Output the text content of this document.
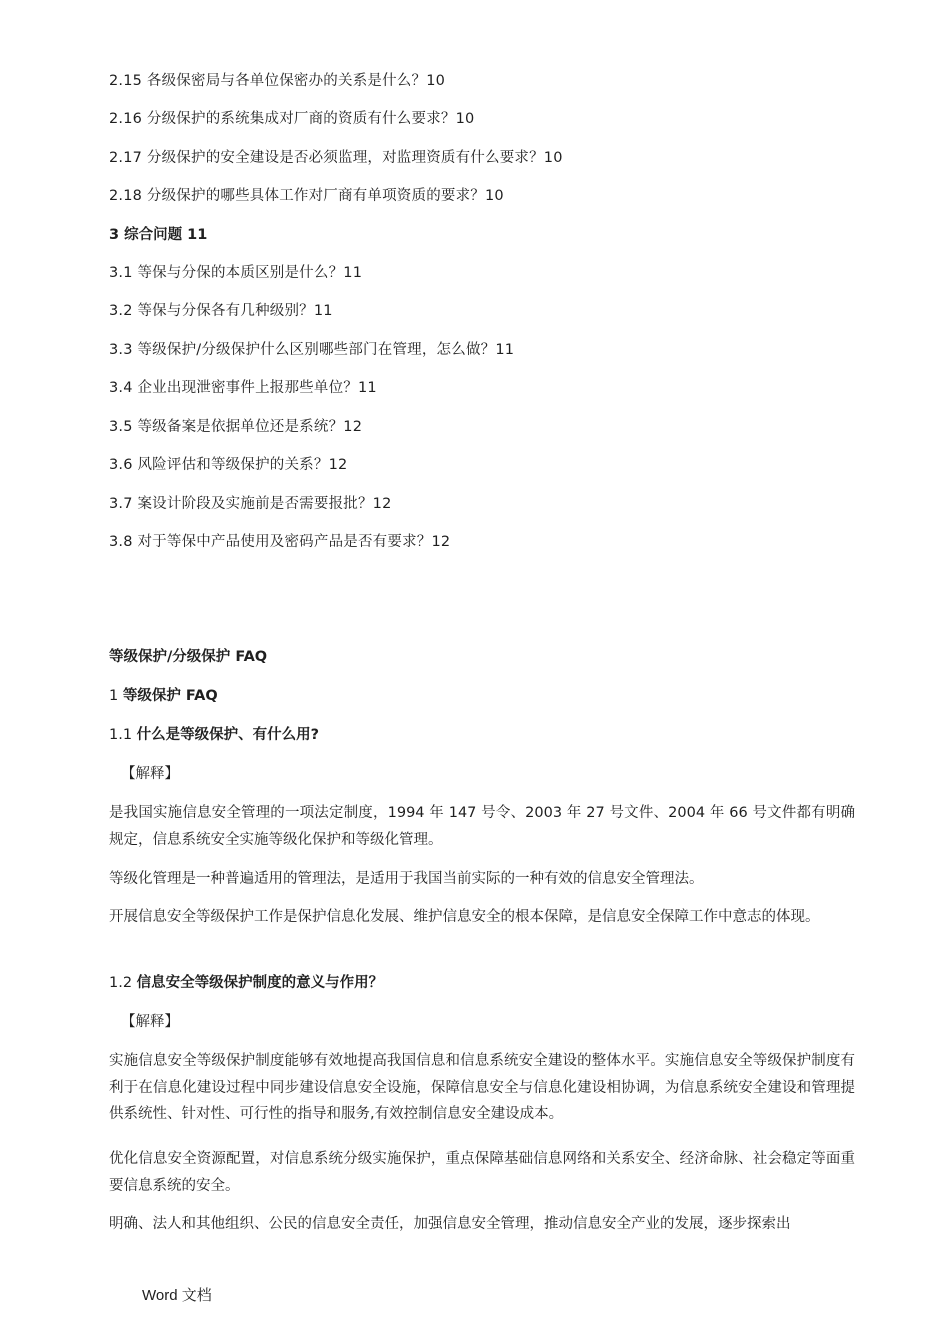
2.15 各级保密局与各单位保密办的关系是什么？10
2.16 分级保护的系统集成对厂商的资质有什么要求？10
2.17 分级保护的安全建设是否必须监理，对监理资质有什么要求？10
2.18 分级保护的哪些具体工作对厂商有单项资质的要求？10
3 综合问题 11
3.1 等保与分保的本质区别是什么？11
3.2 等保与分保各有几种级别？11
3.3 等级保护/分级保护什么区别哪些部门在管理，怎么做？11
3.4 企业出现泄密事件上报那些单位？11
3.5 等级备案是依据单位还是系统？12
3.6 风险评估和等级保护的关系？12
3.7 案设计阶段及实施前是否需要报批？12
3.8 对于等保中产品使用及密码产品是否有要求？12
等级保护/分级保护 FAQ
1 等级保护 FAQ
1.1 什么是等级保护、有什么用?
【解释】
是我国实施信息安全管理的一项法定制度，1994 年 147 号令、2003 年 27 号文件、2004 年 66 号文件都有明确规定，信息系统安全实施等级化保护和等级化管理。
等级化管理是一种普遍适用的管理法，是适用于我国当前实际的一种有效的信息安全管理法。
开展信息安全等级保护工作是保护信息化发展、维护信息安全的根本保障，是信息安全保障工作中意志的体现。
1.2 信息安全等级保护制度的意义与作用？
【解释】
实施信息安全等级保护制度能够有效地提高我国信息和信息系统安全建设的整体水平。实施信息安全等级保护制度有利于在信息化建设过程中同步建设信息安全设施，保障信息安全与信息化建设相协调，为信息系统安全建设和管理提供系统性、针对性、可行性的指导和服务,有效控制信息安全建设成本。
优化信息安全资源配置，对信息系统分级实施保护，重点保障基础信息网络和关系安全、经济命脉、社会稳定等面重要信息系统的安全。
明确、法人和其他组织、公民的信息安全责任，加强信息安全管理，推动信息安全产业的发展，逐步探索出
Word 文档
